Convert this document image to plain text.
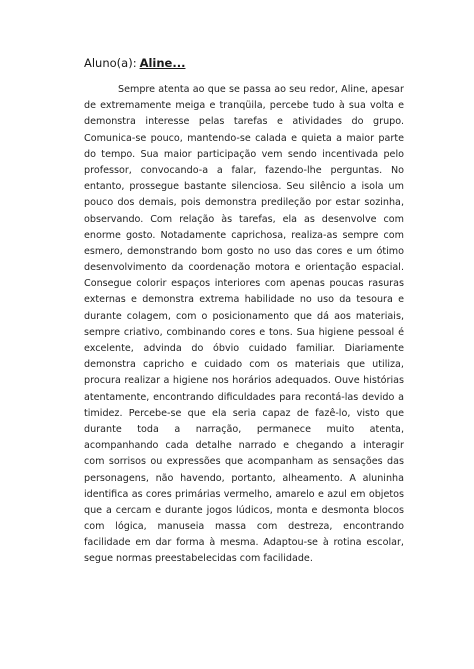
Aluno(a): Aline...
Sempre atenta ao que se passa ao seu redor, Aline, apesar
de extremamente meiga e tranqüila, percebe tudo à sua volta e
demonstra interesse pelas tarefas e atividades do grupo.
Comunica-se pouco, mantendo-se calada e quieta a maior parte
do tempo. Sua maior participação vem sendo incentivada pelo
professor, convocando-a a falar, fazendo-lhe perguntas. No
entanto, prossegue bastante silenciosa. Seu silêncio a isola um
pouco dos demais, pois demonstra predileção por estar sozinha,
observando. Com relação às tarefas, ela as desenvolve com
enorme gosto. Notadamente caprichosa, realiza-as sempre com
esmero, demonstrando bom gosto no uso das cores e um ótimo
desenvolvimento da coordenação motora e orientação espacial.
Consegue colorir espaços interiores com apenas poucas rasuras
externas e demonstra extrema habilidade no uso da tesoura e
durante colagem, com o posicionamento que dá aos materiais,
sempre criativo, combinando cores e tons. Sua higiene pessoal é
excelente, advinda do óbvio cuidado familiar. Diariamente
demonstra capricho e cuidado com os materiais que utiliza,
procura realizar a higiene nos horários adequados. Ouve histórias
atentamente, encontrando dificuldades para recontá-las devido a
timidez. Percebe-se que ela seria capaz de fazê-lo, visto que
durante toda a narração, permanece muito atenta,
acompanhando cada detalhe narrado e chegando a interagir
com sorrisos ou expressões que acompanham as sensações das
personagens, não havendo, portanto, alheamento. A aluninha
identifica as cores primárias vermelho, amarelo e azul em objetos
que a cercam e durante jogos lúdicos, monta e desmonta blocos
com lógica, manuseia massa com destreza, encontrando
facilidade em dar forma à mesma. Adaptou-se à rotina escolar,
segue normas preestabelecidas com facilidade.
